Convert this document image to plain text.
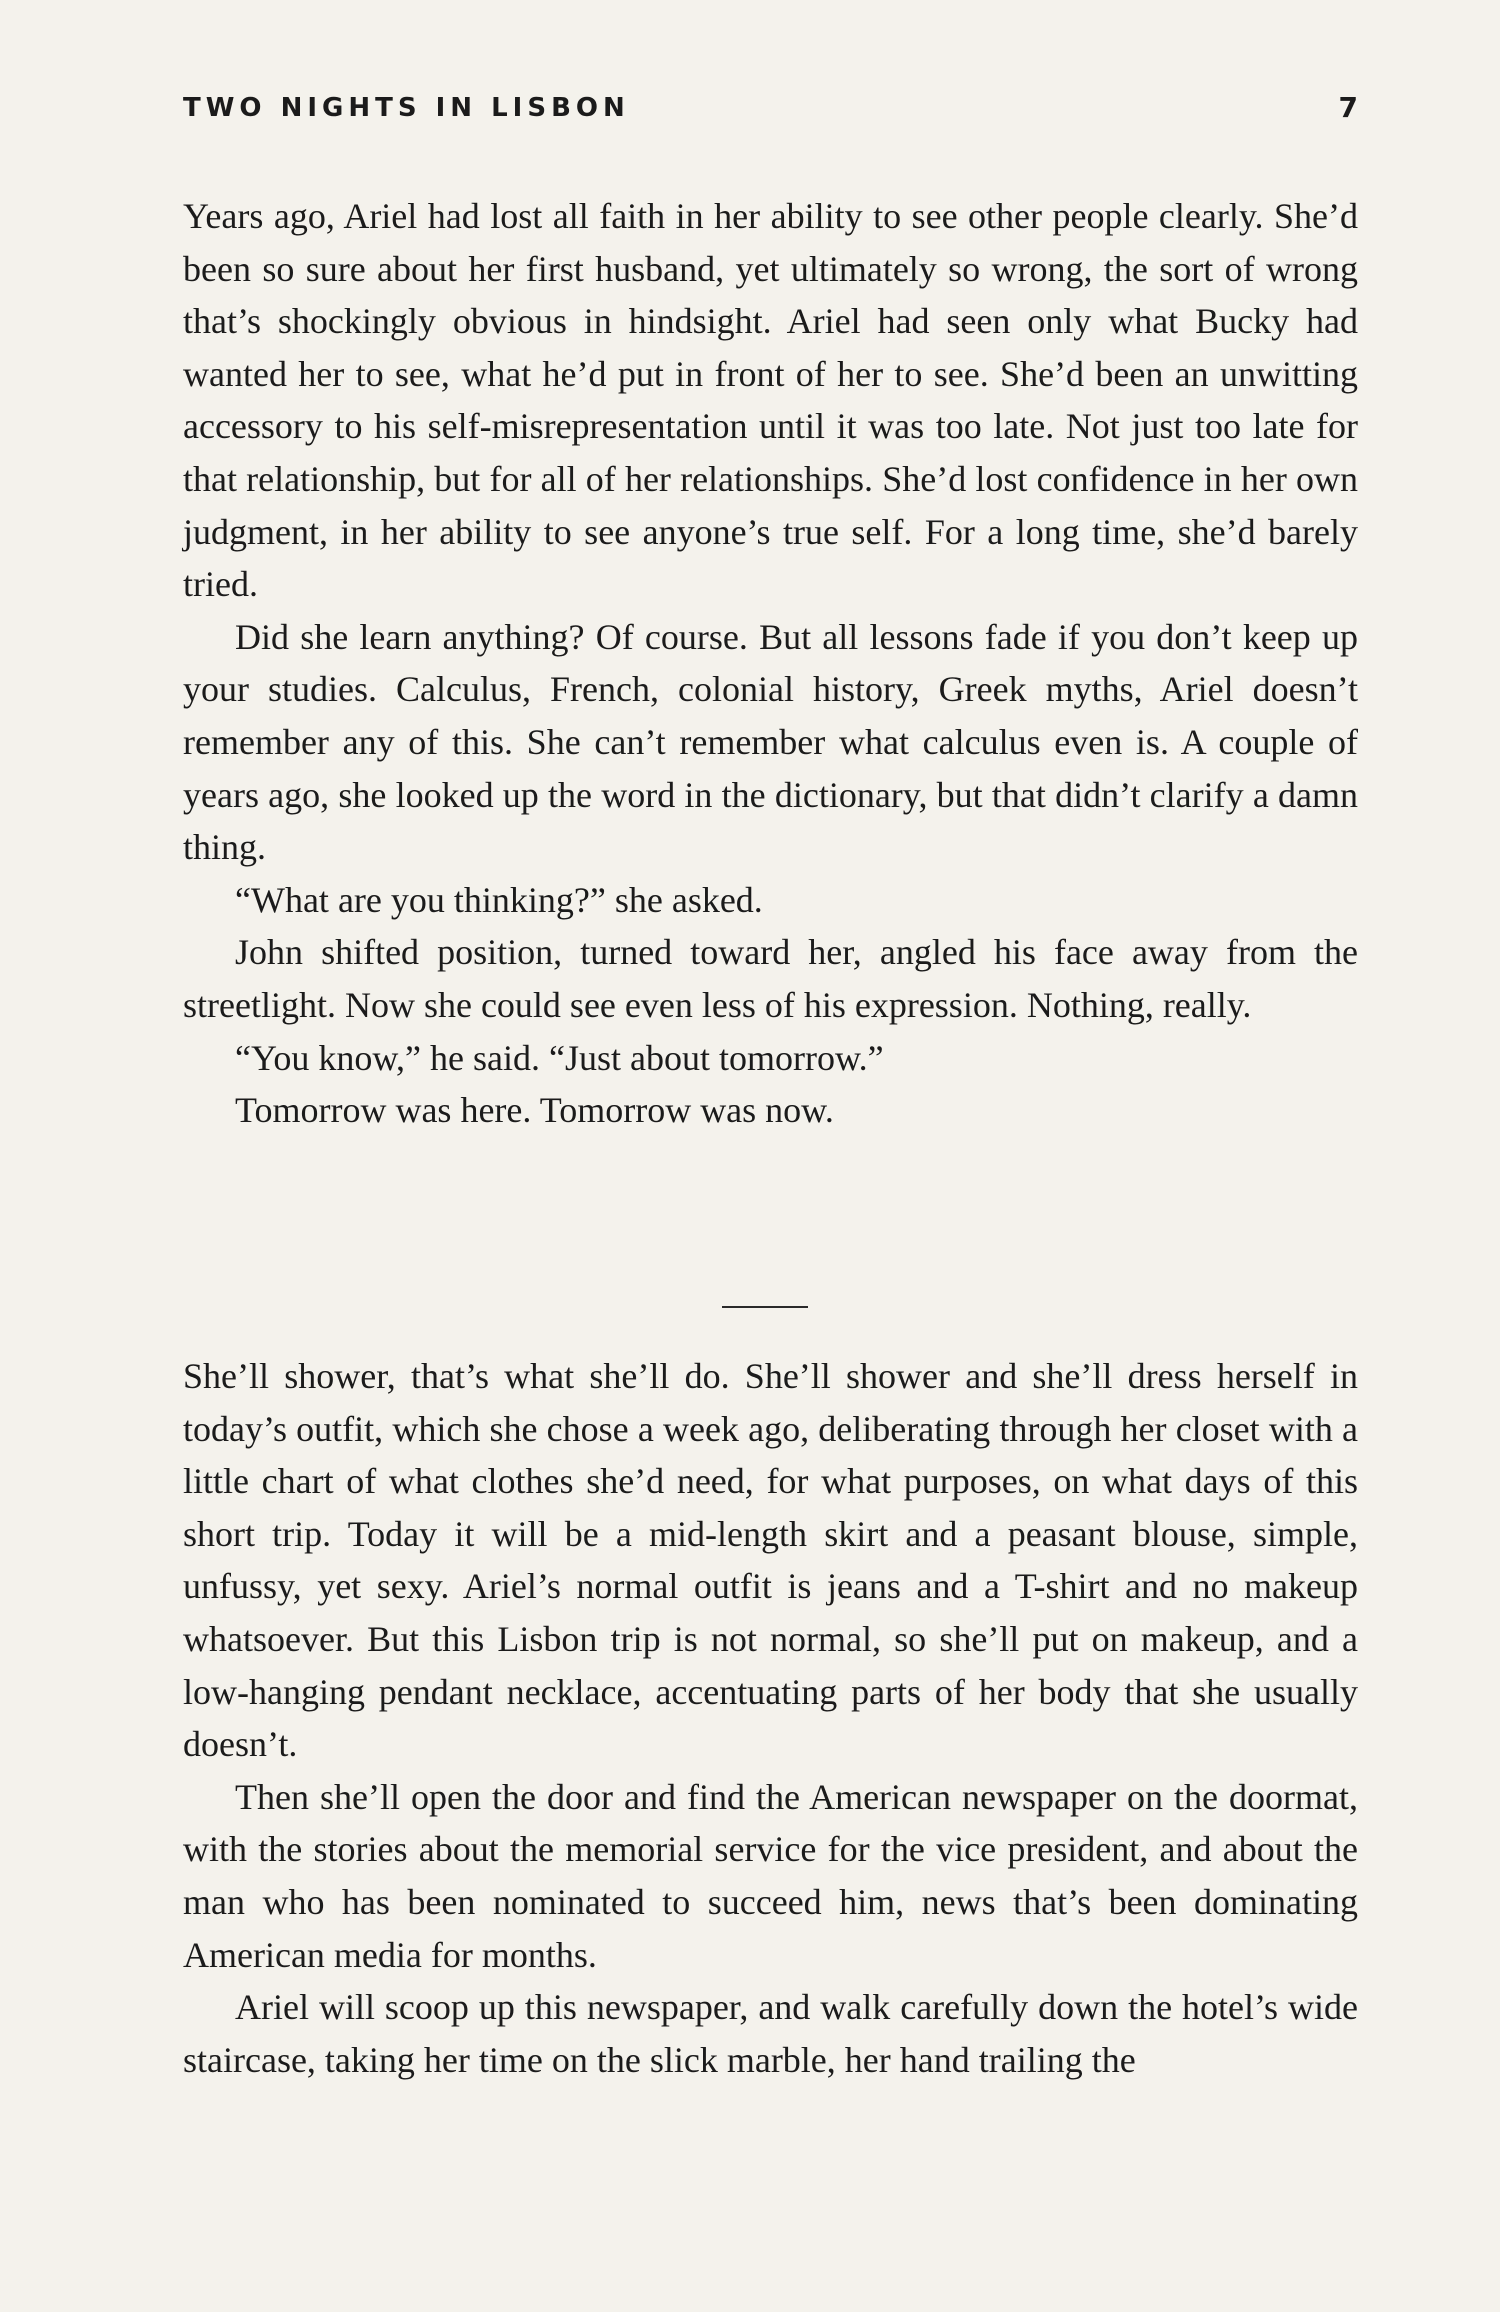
TWO NIGHTS IN LISBON	7

Years ago, Ariel had lost all faith in her ability to see other people clearly. She’d been so sure about her first husband, yet ultimately so wrong, the sort of wrong that’s shockingly obvious in hindsight. Ariel had seen only what Bucky had wanted her to see, what he’d put in front of her to see. She’d been an unwitting accessory to his self-misrepresentation until it was too late. Not just too late for that relationship, but for all of her relationships. She’d lost confidence in her own judgment, in her ability to see anyone’s true self. For a long time, she’d barely tried.

Did she learn anything? Of course. But all lessons fade if you don’t keep up your studies. Calculus, French, colonial history, Greek myths, Ariel doesn’t remember any of this. She can’t remember what calculus even is. A couple of years ago, she looked up the word in the dictionary, but that didn’t clarify a damn thing.

“What are you thinking?” she asked.

John shifted position, turned toward her, angled his face away from the streetlight. Now she could see even less of his expression. Nothing, really.

“You know,” he said. “Just about tomorrow.”

Tomorrow was here. Tomorrow was now.

She’ll shower, that’s what she’ll do. She’ll shower and she’ll dress herself in today’s outfit, which she chose a week ago, deliberating through her closet with a little chart of what clothes she’d need, for what purposes, on what days of this short trip. Today it will be a mid-length skirt and a peasant blouse, simple, unfussy, yet sexy. Ariel’s normal outfit is jeans and a T-shirt and no makeup whatsoever. But this Lisbon trip is not normal, so she’ll put on makeup, and a low-hanging pendant necklace, accentuating parts of her body that she usually doesn’t.

Then she’ll open the door and find the American newspaper on the doormat, with the stories about the memorial service for the vice president, and about the man who has been nominated to succeed him, news that’s been dominating American media for months.

Ariel will scoop up this newspaper, and walk carefully down the hotel’s wide staircase, taking her time on the slick marble, her hand trailing the
